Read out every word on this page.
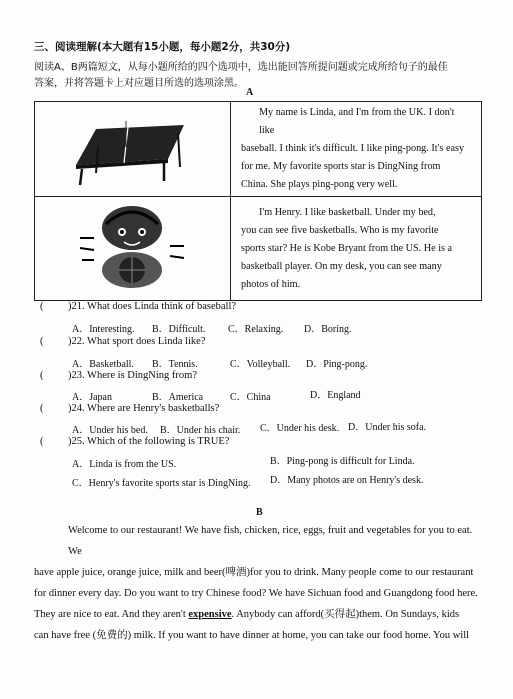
三、阅读理解(本大题有15小题，每小题2分，共30分)
阅读A、B两篇短文，从每小题所给的四个选项中，选出能回答所提问题或完成所给句子的最佳
答案，并将答题卡上对应题目所选的选项涂黑。
A

My name is Linda, and I'm from the UK. I don't like
baseball. I think it's difficult. I like ping-pong. It's easy
for me. My favorite sports star is DingNing from
China. She plays ping-pong very well.

I'm Henry. I like basketball. Under my bed,
you can see five basketballs. Who is my favorite
sports star? He is Kobe Bryant from the US. He is a
basketball player. On my desk, you can see many
photos of him.
( )21. What does Linda think of baseball?
A．Interesting. B．Difficult. C．Relaxing. D．Boring.
( )22. What sport does Linda like?
A．Basketball. B．Tennis.	C．Volleyball. D．Ping-pong.
( )23. Where is DingNing from?
A．Japan	B．America	C．China	D．England
( )24. Where are Henry's basketballs?
A．Under his bed. B．Under his chair. C．Under his desk. D．Under his sofa.
( )25. Which of the following is TRUE?
A．Linda is from the US.	B．Ping-pong is difficult for Linda.
C．Henry's favorite sports star is DingNing. D．Many photos are on Henry's desk.
B
Welcome to our restaurant! We have fish, chicken, rice, eggs, fruit and vegetables for you to eat. We
have apple juice, orange juice, milk and beer(啤酒)for you to drink. Many people come to our restaurant
for dinner every day. Do you want to try Chinese food? We have Sichuan food and Guangdong food here.
They are nice to eat. And they aren't expensive. Anybody can afford(买得起)them. On Sundays, kids
can have free (免费的) milk. If you want to have dinner at home, you can take our food home. You will
